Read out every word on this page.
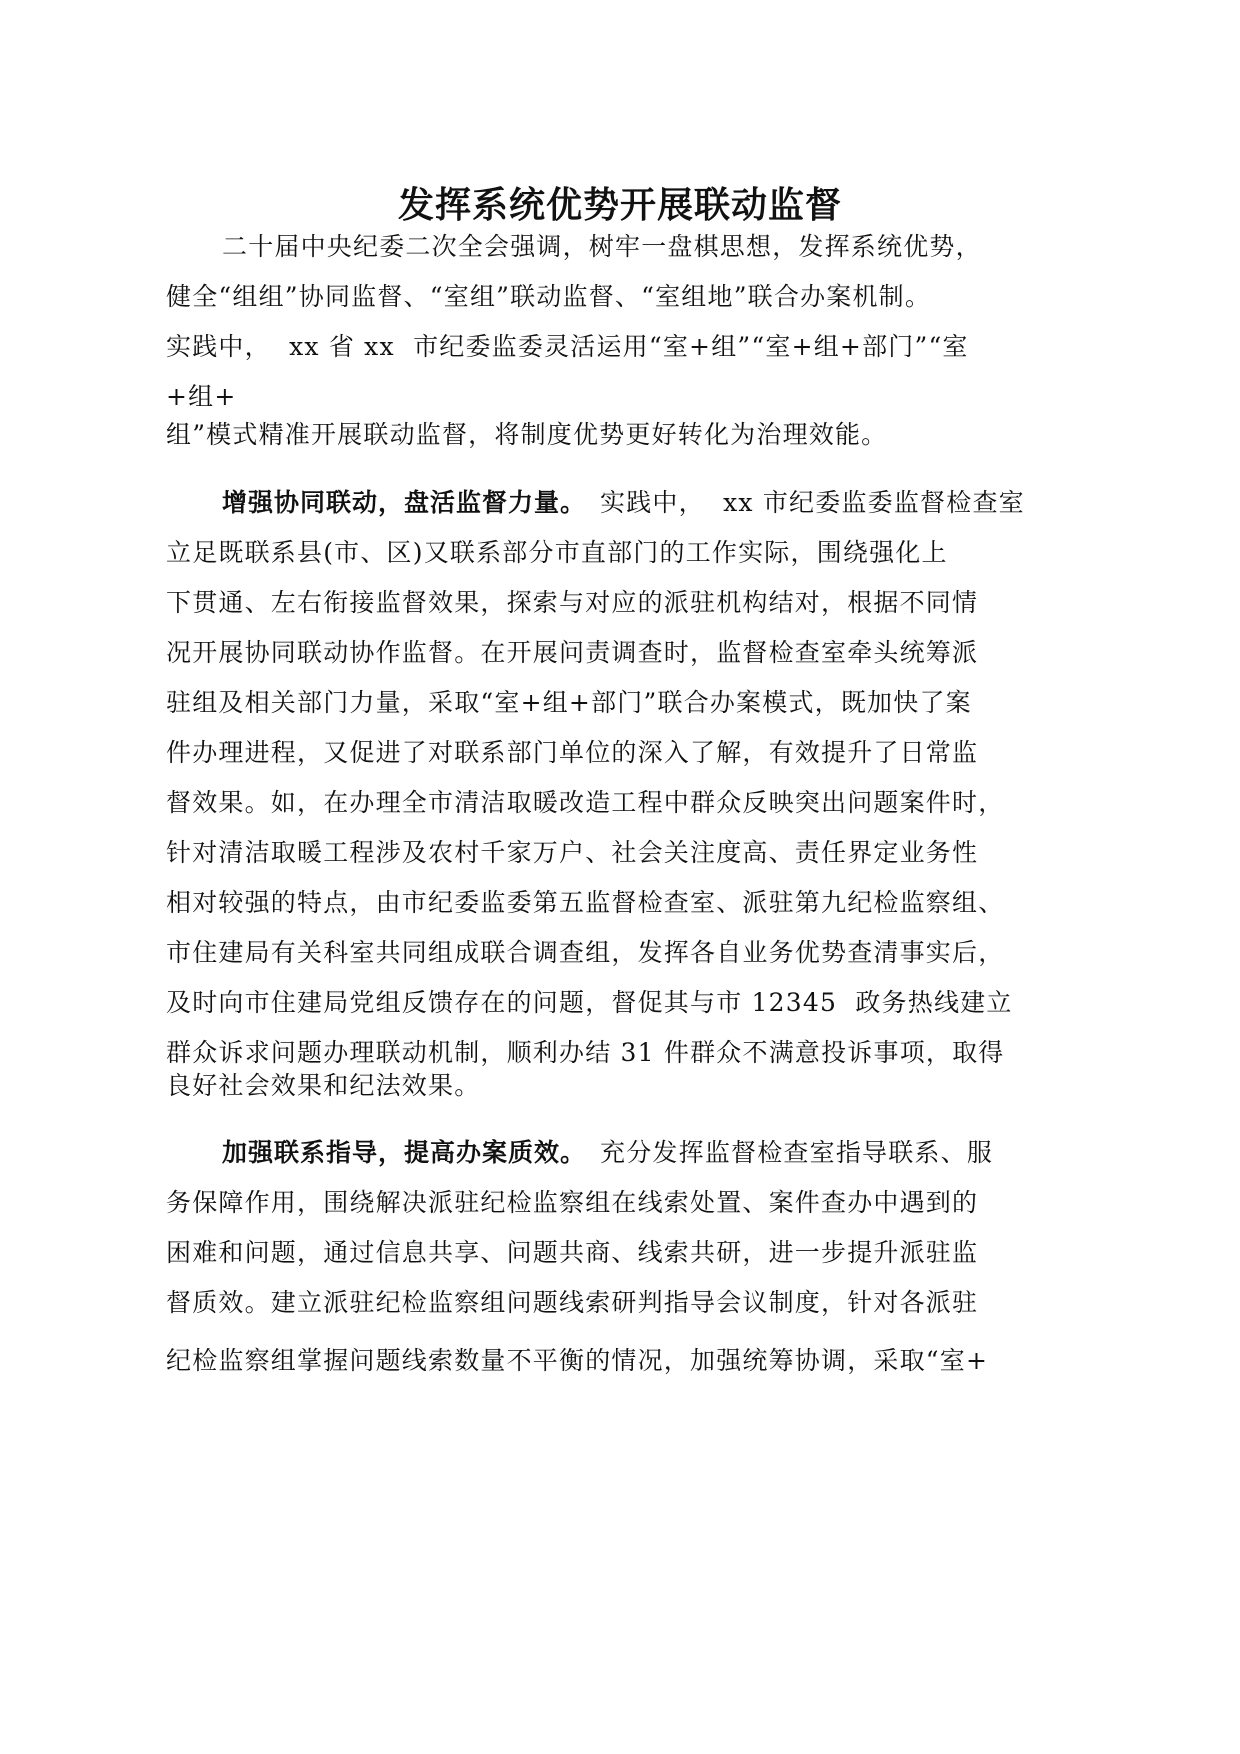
发挥系统优势开展联动监督
二十届中央纪委二次全会强调，树牢一盘棋思想，发挥系统优势，
健全“组组”协同监督、“室组”联动监督、“室组地”联合办案机制。
实践中，  xx 省 xx  市纪委监委灵活运用“室+组”“室+组+部门”“室
+组+
组”模式精准开展联动监督，将制度优势更好转化为治理效能。
增强协同联动，盘活监督力量。 实践中，  xx 市纪委监委监督检查室
立足既联系县(市、区)又联系部分市直部门的工作实际，围绕强化上
下贯通、左右衔接监督效果，探索与对应的派驻机构结对，根据不同情
况开展协同联动协作监督。在开展问责调查时，监督检查室牵头统筹派
驻组及相关部门力量，采取“室+组+部门”联合办案模式，既加快了案
件办理进程，又促进了对联系部门单位的深入了解，有效提升了日常监
督效果。如，在办理全市清洁取暖改造工程中群众反映突出问题案件时，
针对清洁取暖工程涉及农村千家万户、社会关注度高、责任界定业务性
相对较强的特点，由市纪委监委第五监督检查室、派驻第九纪检监察组、
市住建局有关科室共同组成联合调查组，发挥各自业务优势查清事实后，
及时向市住建局党组反馈存在的问题，督促其与市 12345  政务热线建立
群众诉求问题办理联动机制，顺利办结 31 件群众不满意投诉事项，取得
良好社会效果和纪法效果。
加强联系指导，提高办案质效。 充分发挥监督检查室指导联系、服
务保障作用，围绕解决派驻纪检监察组在线索处置、案件查办中遇到的
困难和问题，通过信息共享、问题共商、线索共研，进一步提升派驻监
督质效。建立派驻纪检监察组问题线索研判指导会议制度，针对各派驻
纪检监察组掌握问题线索数量不平衡的情况，加强统筹协调，采取“室+
